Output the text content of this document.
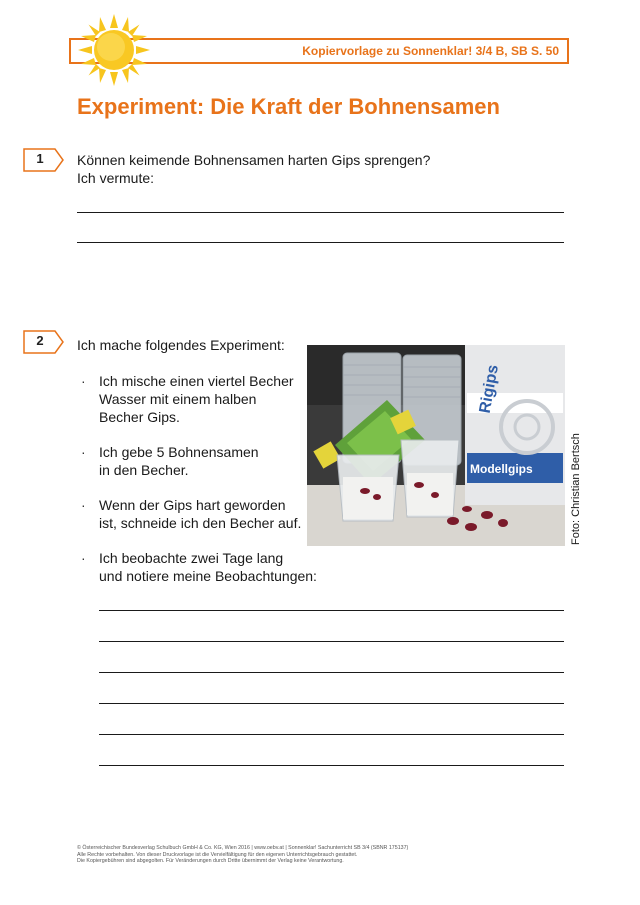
Kopiervorlage zu Sonnenklar! 3/4 B, SB S. 50
Experiment: Die Kraft der Bohnensamen
1	Können keimende Bohnensamen harten Gips sprengen?
Ich vermute:
2	Ich mache folgendes Experiment:
· Ich mische einen viertel Becher
Wasser mit einem halben
Becher Gips.
· Ich gebe 5 Bohnensamen
in den Becher.
· Wenn der Gips hart geworden
ist, schneide ich den Becher auf.
· Ich beobachte zwei Tage lang
und notiere meine Beobachtungen:
Rigips
Modellgips	Foto: Christian Bertsch
© Österreichischer Bundesverlag Schulbuch GmbH & Co. KG, Wien 2016 | www.oebv.at | Sonnenklar! Sachunterricht SB 3/4 (SBNR 175137)
Alle Rechte vorbehalten. Von dieser Druckvorlage ist die Vervielfältigung für den eigenen Unterrichtsgebrauch gestattet.
Die Kopiergebühren sind abgegolten. Für Veränderungen durch Dritte übernimmt der Verlag keine Verantwortung.
